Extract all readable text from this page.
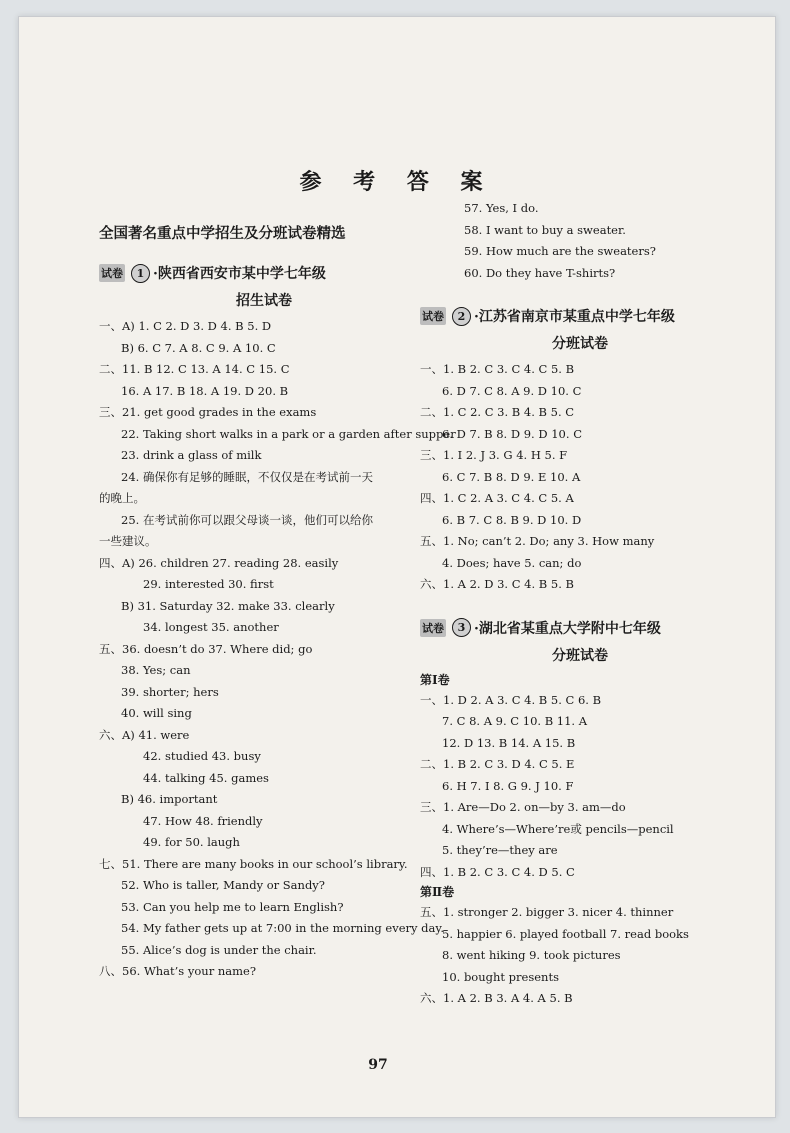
参 考 答 案
全国著名重点中学招生及分班试卷精选
试卷	1 ·陕西省西安市某中学七年级
招生试卷
一、A) 1. C 2. D 3. D 4. B 5. D
B) 6. C 7. A 8. C 9. A 10. C
二、11. B 12. C 13. A 14. C 15. C
16. A 17. B 18. A 19. D 20. B
三、21. get good grades in the exams
22. Taking short walks in a park or a garden after supper
23. drink a glass of milk
24. 确保你有足够的睡眠，不仅仅是在考试前一天
的晚上。
25. 在考试前你可以跟父母谈一谈，他们可以给你
一些建议。
四、A) 26. children 27. reading 28. easily
29. interested 30. first
B) 31. Saturday 32. make 33. clearly
34. longest 35. another
五、36. doesn’t do 37. Where did; go
38. Yes; can
39. shorter; hers
40. will sing
六、A) 41. were
42. studied 43. busy
44. talking 45. games
B) 46. important
47. How 48. friendly
49. for 50. laugh
七、51. There are many books in our school’s library.
52. Who is taller, Mandy or Sandy?
53. Can you help me to learn English?
54. My father gets up at 7:00 in the morning every day.
55. Alice’s dog is under the chair.
八、56. What’s your name?
57. Yes, I do.
58. I want to buy a sweater.
59. How much are the sweaters?
60. Do they have T-shirts?
试卷	2 ·江苏省南京市某重点中学七年级
分班试卷
一、1. B 2. C 3. C 4. C 5. B
6. D 7. C 8. A 9. D 10. C
二、1. C 2. C 3. B 4. B 5. C
6. D 7. B 8. D 9. D 10. C
三、1. I 2. J 3. G 4. H 5. F
6. C 7. B 8. D 9. E 10. A
四、1. C 2. A 3. C 4. C 5. A
6. B 7. C 8. B 9. D 10. D
五、1. No; can’t 2. Do; any 3. How many
4. Does; have 5. can; do
六、1. A 2. D 3. C 4. B 5. B
试卷	3 ·湖北省某重点大学附中七年级
分班试卷
第Ⅰ卷
一、1. D 2. A 3. C 4. B 5. C 6. B
7. C 8. A 9. C 10. B 11. A
12. D 13. B 14. A 15. B
二、1. B 2. C 3. D 4. C 5. E
6. H 7. I 8. G 9. J 10. F
三、1. Are—Do 2. on—by 3. am—do
4. Where’s—Where’re或 pencils—pencil
5. they’re—they are
四、1. B 2. C 3. C 4. D 5. C
第Ⅱ卷
五、1. stronger 2. bigger 3. nicer 4. thinner
5. happier 6. played football 7. read books
8. went hiking 9. took pictures
10. bought presents
六、1. A 2. B 3. A 4. A 5. B
97
